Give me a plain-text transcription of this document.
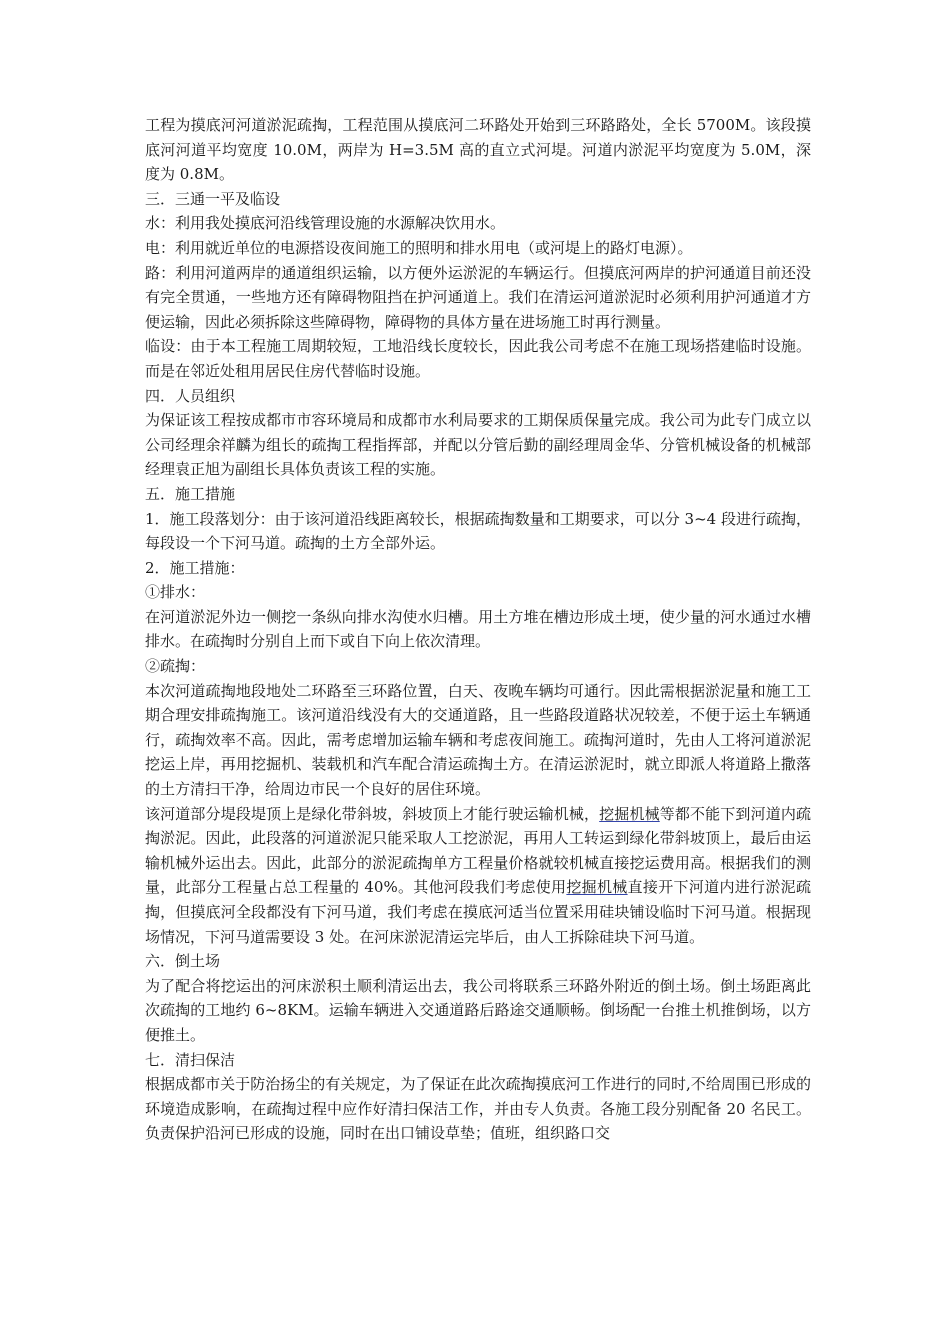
工程为摸底河河道淤泥疏掏，工程范围从摸底河二环路处开始到三环路路处，全长 5700M。该段摸底河河道平均宽度 10.0M，两岸为 H=3.5M 高的直立式河堤。河道内淤泥平均宽度为 5.0M，深度为 0.8M。

三．三通一平及临设

水：利用我处摸底河沿线管理设施的水源解决饮用水。

电：利用就近单位的电源搭设夜间施工的照明和排水用电（或河堤上的路灯电源）。

路：利用河道两岸的通道组织运输，以方便外运淤泥的车辆运行。但摸底河两岸的护河通道目前还没有完全贯通，一些地方还有障碍物阻挡在护河通道上。我们在清运河道淤泥时必须利用护河通道才方便运输，因此必须拆除这些障碍物，障碍物的具体方量在进场施工时再行测量。

临设：由于本工程施工周期较短，工地沿线长度较长，因此我公司考虑不在施工现场搭建临时设施。而是在邻近处租用居民住房代替临时设施。

四．人员组织

为保证该工程按成都市市容环境局和成都市水利局要求的工期保质保量完成。我公司为此专门成立以公司经理余祥麟为组长的疏掏工程指挥部，并配以分管后勤的副经理周金华、分管机械设备的机械部经理袁正旭为副组长具体负责该工程的实施。

五．施工措施

1．施工段落划分：由于该河道沿线距离较长，根据疏掏数量和工期要求，可以分 3~4 段进行疏掏，每段设一个下河马道。疏掏的土方全部外运。

2．施工措施：

①排水：

在河道淤泥外边一侧挖一条纵向排水沟使水归槽。用土方堆在槽边形成土埂，使少量的河水通过水槽排水。在疏掏时分别自上而下或自下向上依次清理。

②疏掏：

本次河道疏掏地段地处二环路至三环路位置，白天、夜晚车辆均可通行。因此需根据淤泥量和施工工期合理安排疏掏施工。该河道沿线没有大的交通道路，且一些路段道路状况较差，不便于运土车辆通行，疏掏效率不高。因此，需考虑增加运输车辆和考虑夜间施工。疏掏河道时，先由人工将河道淤泥挖运上岸，再用挖掘机、装载机和汽车配合清运疏掏土方。在清运淤泥时，就立即派人将道路上撒落的土方清扫干净，给周边市民一个良好的居住环境。

该河道部分堤段堤顶上是绿化带斜坡，斜坡顶上才能行驶运输机械，挖掘机械等都不能下到河道内疏掏淤泥。因此，此段落的河道淤泥只能采取人工挖淤泥，再用人工转运到绿化带斜坡顶上，最后由运输机械外运出去。因此，此部分的淤泥疏掏单方工程量价格就较机械直接挖运费用高。根据我们的测量，此部分工程量占总工程量的 40%。其他河段我们考虑使用挖掘机械直接开下河道内进行淤泥疏掏，但摸底河全段都没有下河马道，我们考虑在摸底河适当位置采用硅块铺设临时下河马道。根据现场情况，下河马道需要设 3 处。在河床淤泥清运完毕后，由人工拆除硅块下河马道。

六．倒土场

为了配合将挖运出的河床淤积土顺利清运出去，我公司将联系三环路外附近的倒土场。倒土场距离此次疏掏的工地约 6~8KM。运输车辆进入交通道路后路途交通顺畅。倒场配一台推土机推倒场，以方便推土。

七．清扫保洁

根据成都市关于防治扬尘的有关规定，为了保证在此次疏掏摸底河工作进行的同时,不给周围已形成的环境造成影响，在疏掏过程中应作好清扫保洁工作，并由专人负责。各施工段分别配备 20 名民工。负责保护沿河已形成的设施，同时在出口铺设草垫；值班，组织路口交
